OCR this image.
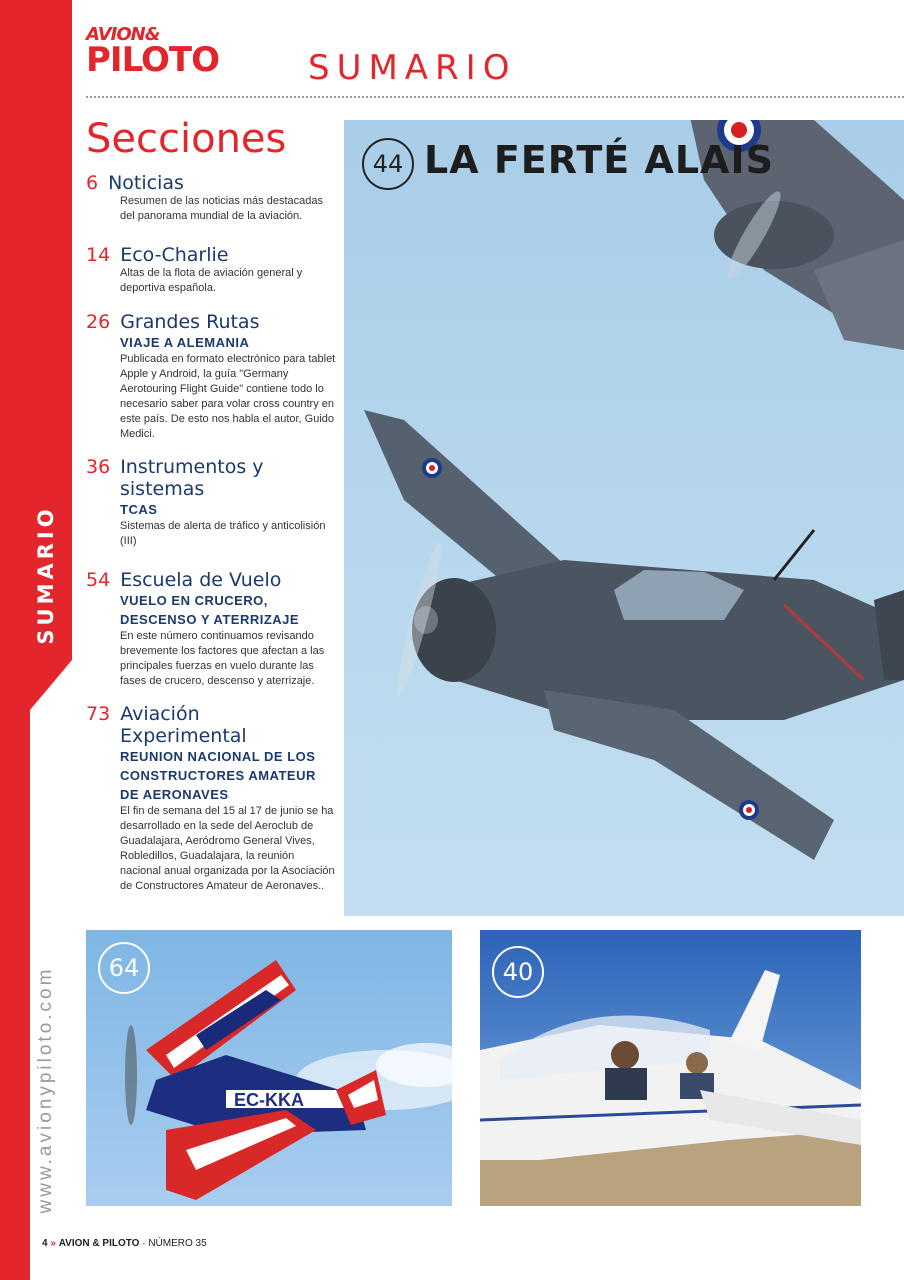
SUMARIO
www.avionypiloto.com
AVION&
PILOTO	SUMARIO
Secciones
6 Noticias
Resumen de las noticias más destacadas del panorama mundial de la aviación.
14 Eco-Charlie
Altas de la flota de aviación general y deportiva española.
26 Grandes Rutas
VIAJE A ALEMANIA
Publicada en formato electrónico para tablet Apple y Android, la guía "Germany Aerotouring Flight Guide" contiene todo lo necesario saber para volar cross country en este país. De esto nos habla el autor, Guido Medici.
36 Instrumentos y
sistemas
TCAS
Sistemas de alerta de tráfico y anticolisión (III)
54 Escuela de Vuelo
VUELO EN CRUCERO, DESCENSO Y ATERRIZAJE
En este número continuamos revisando brevemente los factores que afectan a las principales fuerzas en vuelo durante las fases de crucero, descenso y aterrizaje.
73 Aviación
Experimental
REUNION NACIONAL DE LOS CONSTRUCTORES AMATEUR DE AERONAVES
El fin de semana del 15 al 17 de junio se ha desarrollado en la sede del Aeroclub de Guadalajara, Aeródromo General Vives, Robledillos, Guadalajara, la reunión nacional anual organizada por la Asociación de Constructores Amateur de Aeronaves..
44 LA FERTÉ ALAIS
EC-KKA
64	40
4 » AVION & PILOTO · NÚMERO 35
